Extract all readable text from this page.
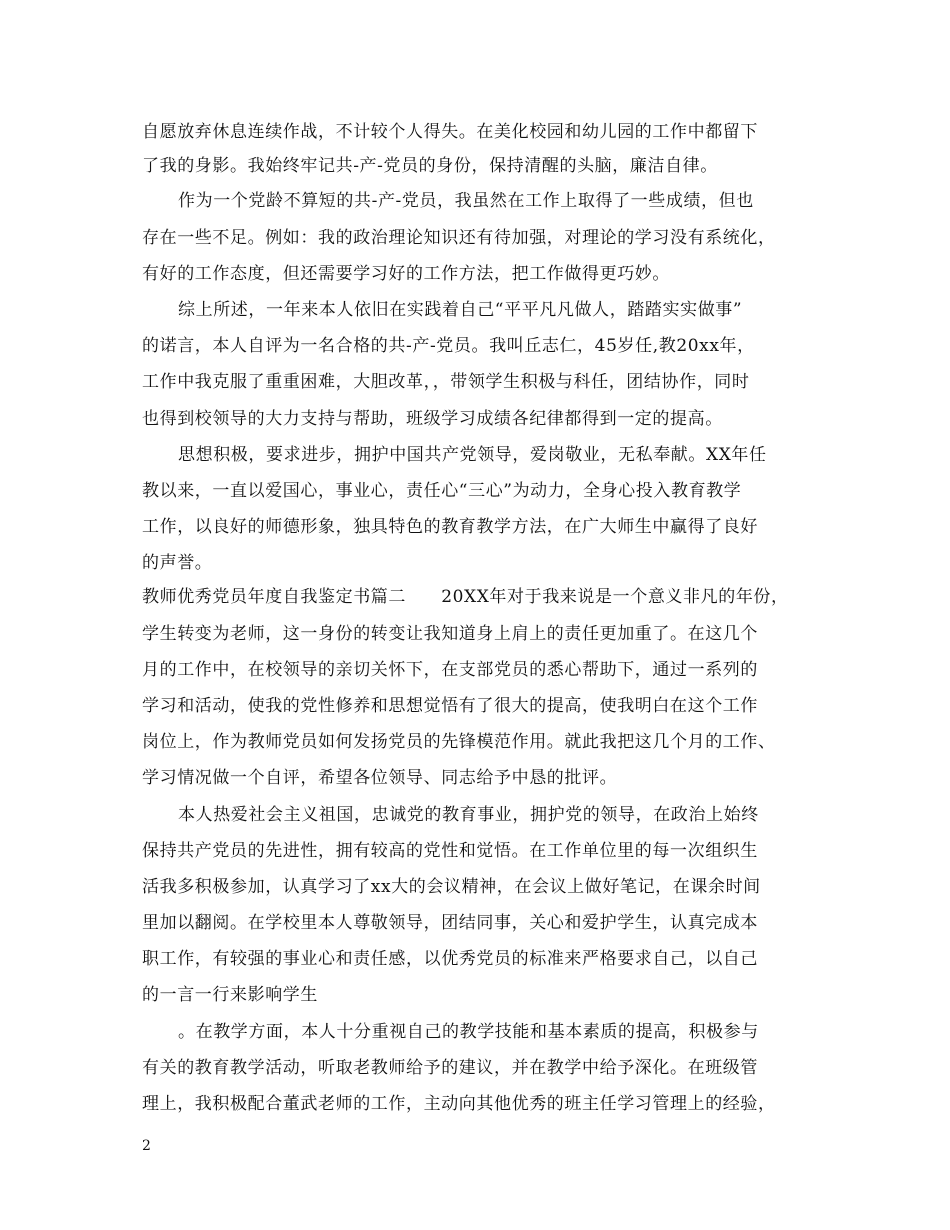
自愿放弃休息连续作战，不计较个人得失。在美化校园和幼儿园的工作中都留下
了我的身影。我始终牢记共-产-党员的身份，保持清醒的头脑，廉洁自律。
作为一个党龄不算短的共-产-党员，我虽然在工作上取得了一些成绩，但也
存在一些不足。例如：我的政治理论知识还有待加强，对理论的学习没有系统化，
有好的工作态度，但还需要学习好的工作方法，把工作做得更巧妙。
综上所述，一年来本人依旧在实践着自己“平平凡凡做人，踏踏实实做事”
的诺言，本人自评为一名合格的共-产-党员。我叫丘志仁，45岁任,教20xx年，
工作中我克服了重重困难，大胆改革，，带领学生积极与科任，团结协作，同时
也得到校领导的大力支持与帮助，班级学习成绩各纪律都得到一定的提高。
思想积极，要求进步，拥护中国共产党领导，爱岗敬业，无私奉献。XX年任
教以来，一直以爱国心，事业心，责任心“三心”为动力，全身心投入教育教学
工作，以良好的师德形象，独具特色的教育教学方法，在广大师生中赢得了良好
的声誉。
教师优秀党员年度自我鉴定书篇二　　20XX年对于我来说是一个意义非凡的年份，
学生转变为老师，这一身份的转变让我知道身上肩上的责任更加重了。在这几个
月的工作中，在校领导的亲切关怀下，在支部党员的悉心帮助下，通过一系列的
学习和活动，使我的党性修养和思想觉悟有了很大的提高，使我明白在这个工作
岗位上，作为教师党员如何发扬党员的先锋模范作用。就此我把这几个月的工作、
学习情况做一个自评，希望各位领导、同志给予中恳的批评。
本人热爱社会主义祖国，忠诚党的教育事业，拥护党的领导，在政治上始终
保持共产党员的先进性，拥有较高的党性和觉悟。在工作单位里的每一次组织生
活我多积极参加，认真学习了xx大的会议精神，在会议上做好笔记，在课余时间
里加以翻阅。在学校里本人尊敬领导，团结同事，关心和爱护学生，认真完成本
职工作，有较强的事业心和责任感，以优秀党员的标准来严格要求自己，以自己
的一言一行来影响学生
。在教学方面，本人十分重视自己的教学技能和基本素质的提高，积极参与
有关的教育教学活动，听取老教师给予的建议，并在教学中给予深化。在班级管
理上，我积极配合董武老师的工作，主动向其他优秀的班主任学习管理上的经验，
2
